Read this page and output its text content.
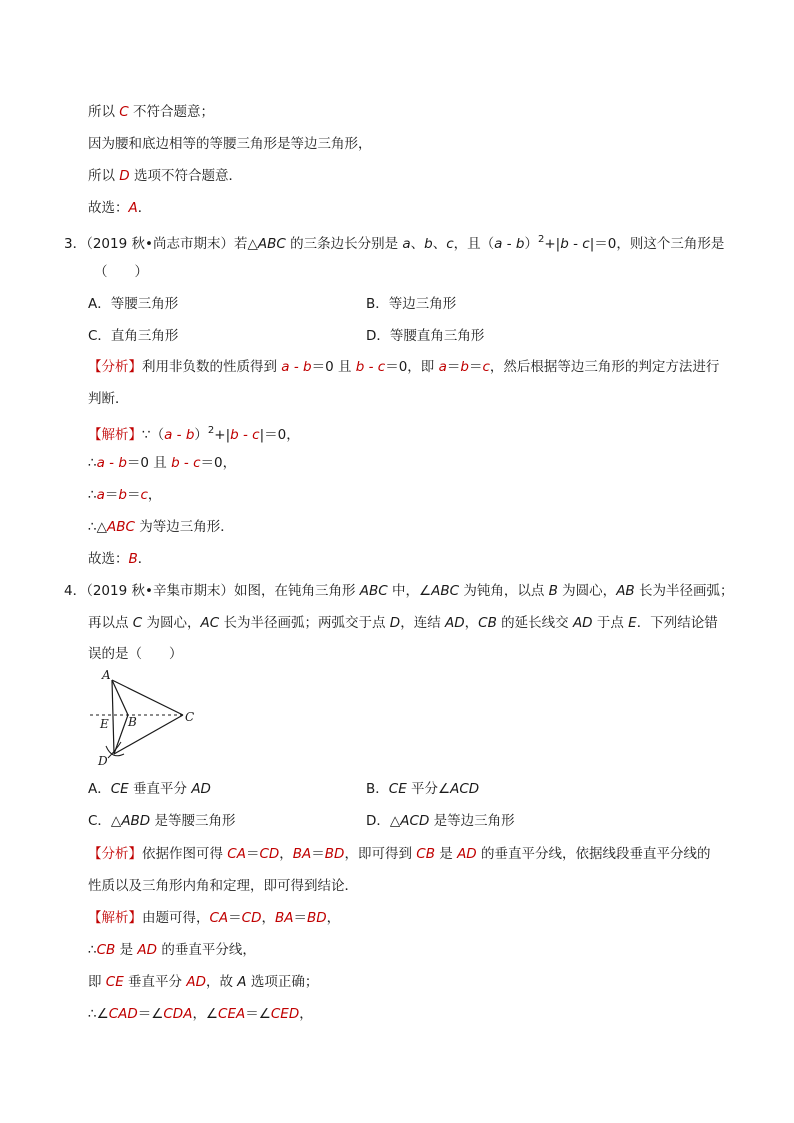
所以 C 不符合题意；
因为腰和底边相等的等腰三角形是等边三角形，
所以 D 选项不符合题意．
故选：A．
3．（2019 秋•尚志市期末）若△ABC 的三条边长分别是 a、b、c，且（a - b）$^2$+|b - c|＝0，则这个三角形是
（　　）
A．等腰三角形	B．等边三角形
C．直角三角形	D．等腰直角三角形
【分析】利用非负数的性质得到 a - b＝0 且 b - c＝0，即 a＝b＝c，然后根据等边三角形的判定方法进行
判断．
【解析】∵（a - b）$^2$+|b - c|＝0，
∴a - b＝0 且 b - c＝0，
∴a＝b＝c，
∴△ABC 为等边三角形．
故选：B．
4．（2019 秋•辛集市期末）如图，在钝角三角形 ABC 中，∠ABC 为钝角，以点 B 为圆心，AB 长为半径画弧；
再以点 C 为圆心，AC 长为半径画弧；两弧交于点 D，连结 AD，CB 的延长线交 AD 于点 E．下列结论错
误的是（　　）
A
B	C
D
E
A．CE 垂直平分 AD	B．CE 平分∠ACD
C．△ABD 是等腰三角形	D．△ACD 是等边三角形
【分析】依据作图可得 CA＝CD，BA＝BD，即可得到 CB 是 AD 的垂直平分线，依据线段垂直平分线的
性质以及三角形内角和定理，即可得到结论．
【解析】由题可得，CA＝CD，BA＝BD，
∴CB 是 AD 的垂直平分线，
即 CE 垂直平分 AD，故 A 选项正确；
∴∠CAD＝∠CDA，∠CEA＝∠CED，
